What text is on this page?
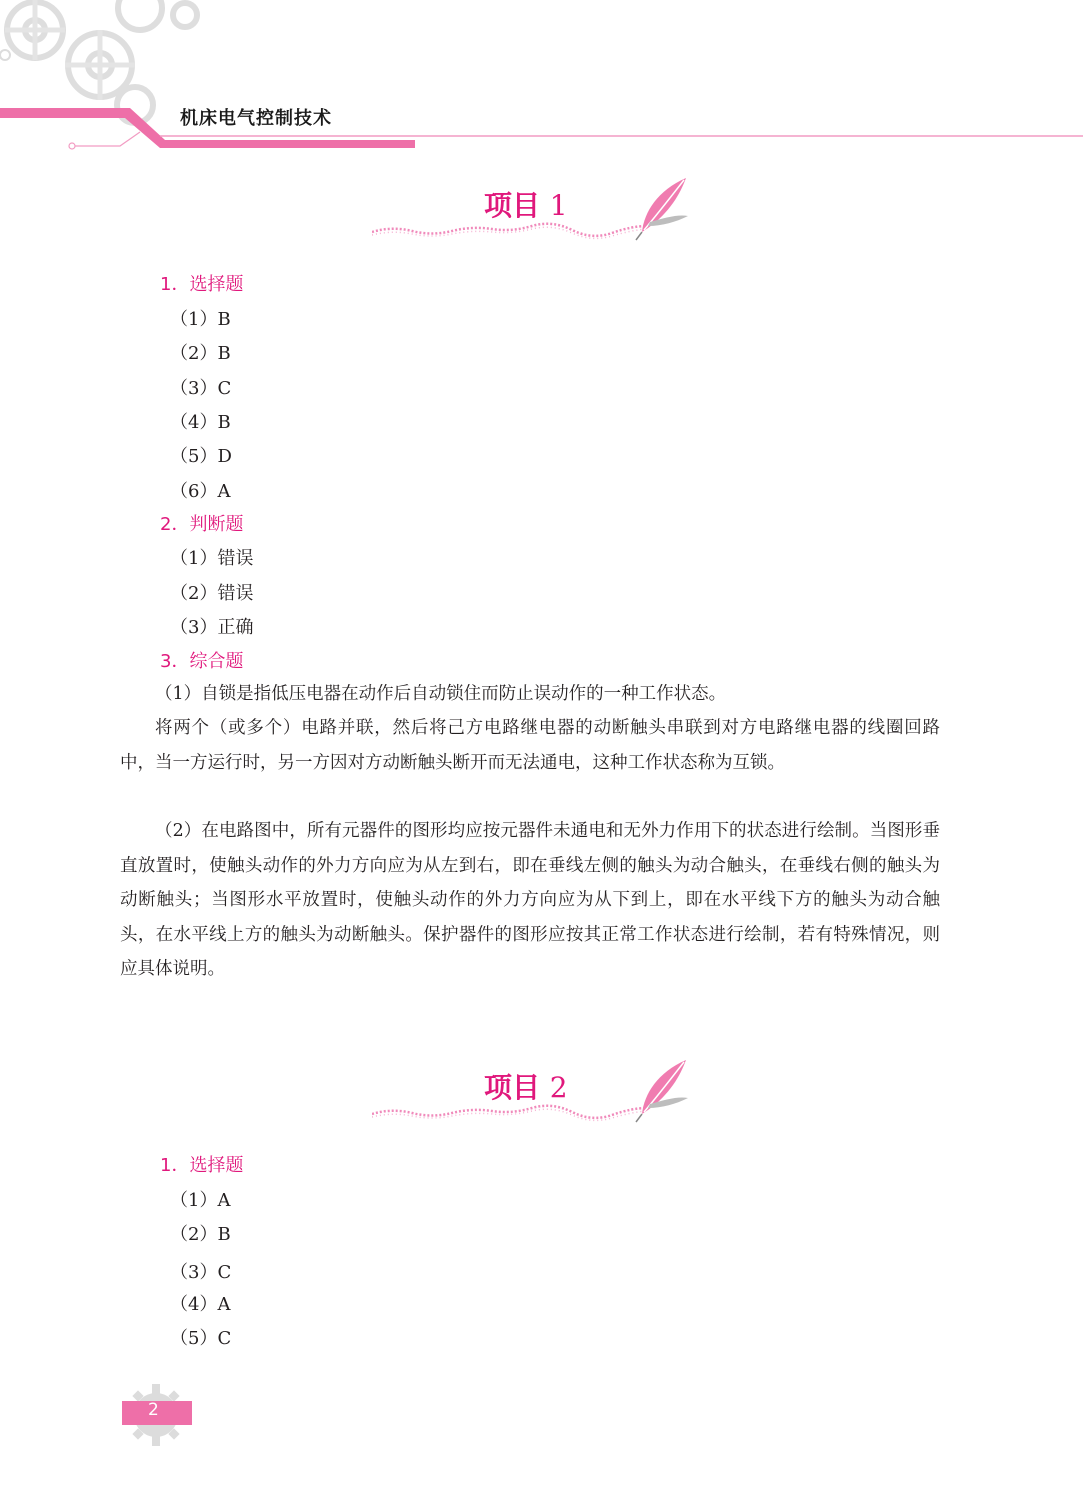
机床电气控制技术
项目 1
1．选择题
（1）B
（2）B
（3）C
（4）B
（5）D
（6）A
2．判断题
（1）错误
（2）错误
（3）正确
3．综合题

（1）自锁是指低压电器在动作后自动锁住而防止误动作的一种工作状态。

将两个（或多个）电路并联，然后将己方电路继电器的动断触头串联到对方电路继电器的线圈回路中，当一方运行时，另一方因对方动断触头断开而无法通电，这种工作状态称为互锁。

（2）在电路图中，所有元器件的图形均应按元器件未通电和无外力作用下的状态进行绘制。当图形垂直放置时，使触头动作的外力方向应为从左到右，即在垂线左侧的触头为动合触头，在垂线右侧的触头为动断触头；当图形水平放置时，使触头动作的外力方向应为从下到上，即在水平线下方的触头为动合触头，在水平线上方的触头为动断触头。保护器件的图形应按其正常工作状态进行绘制，若有特殊情况，则应具体说明。

项目 2
1．选择题
（1）A
（2）B
（3）C
（4）A
（5）C
2
